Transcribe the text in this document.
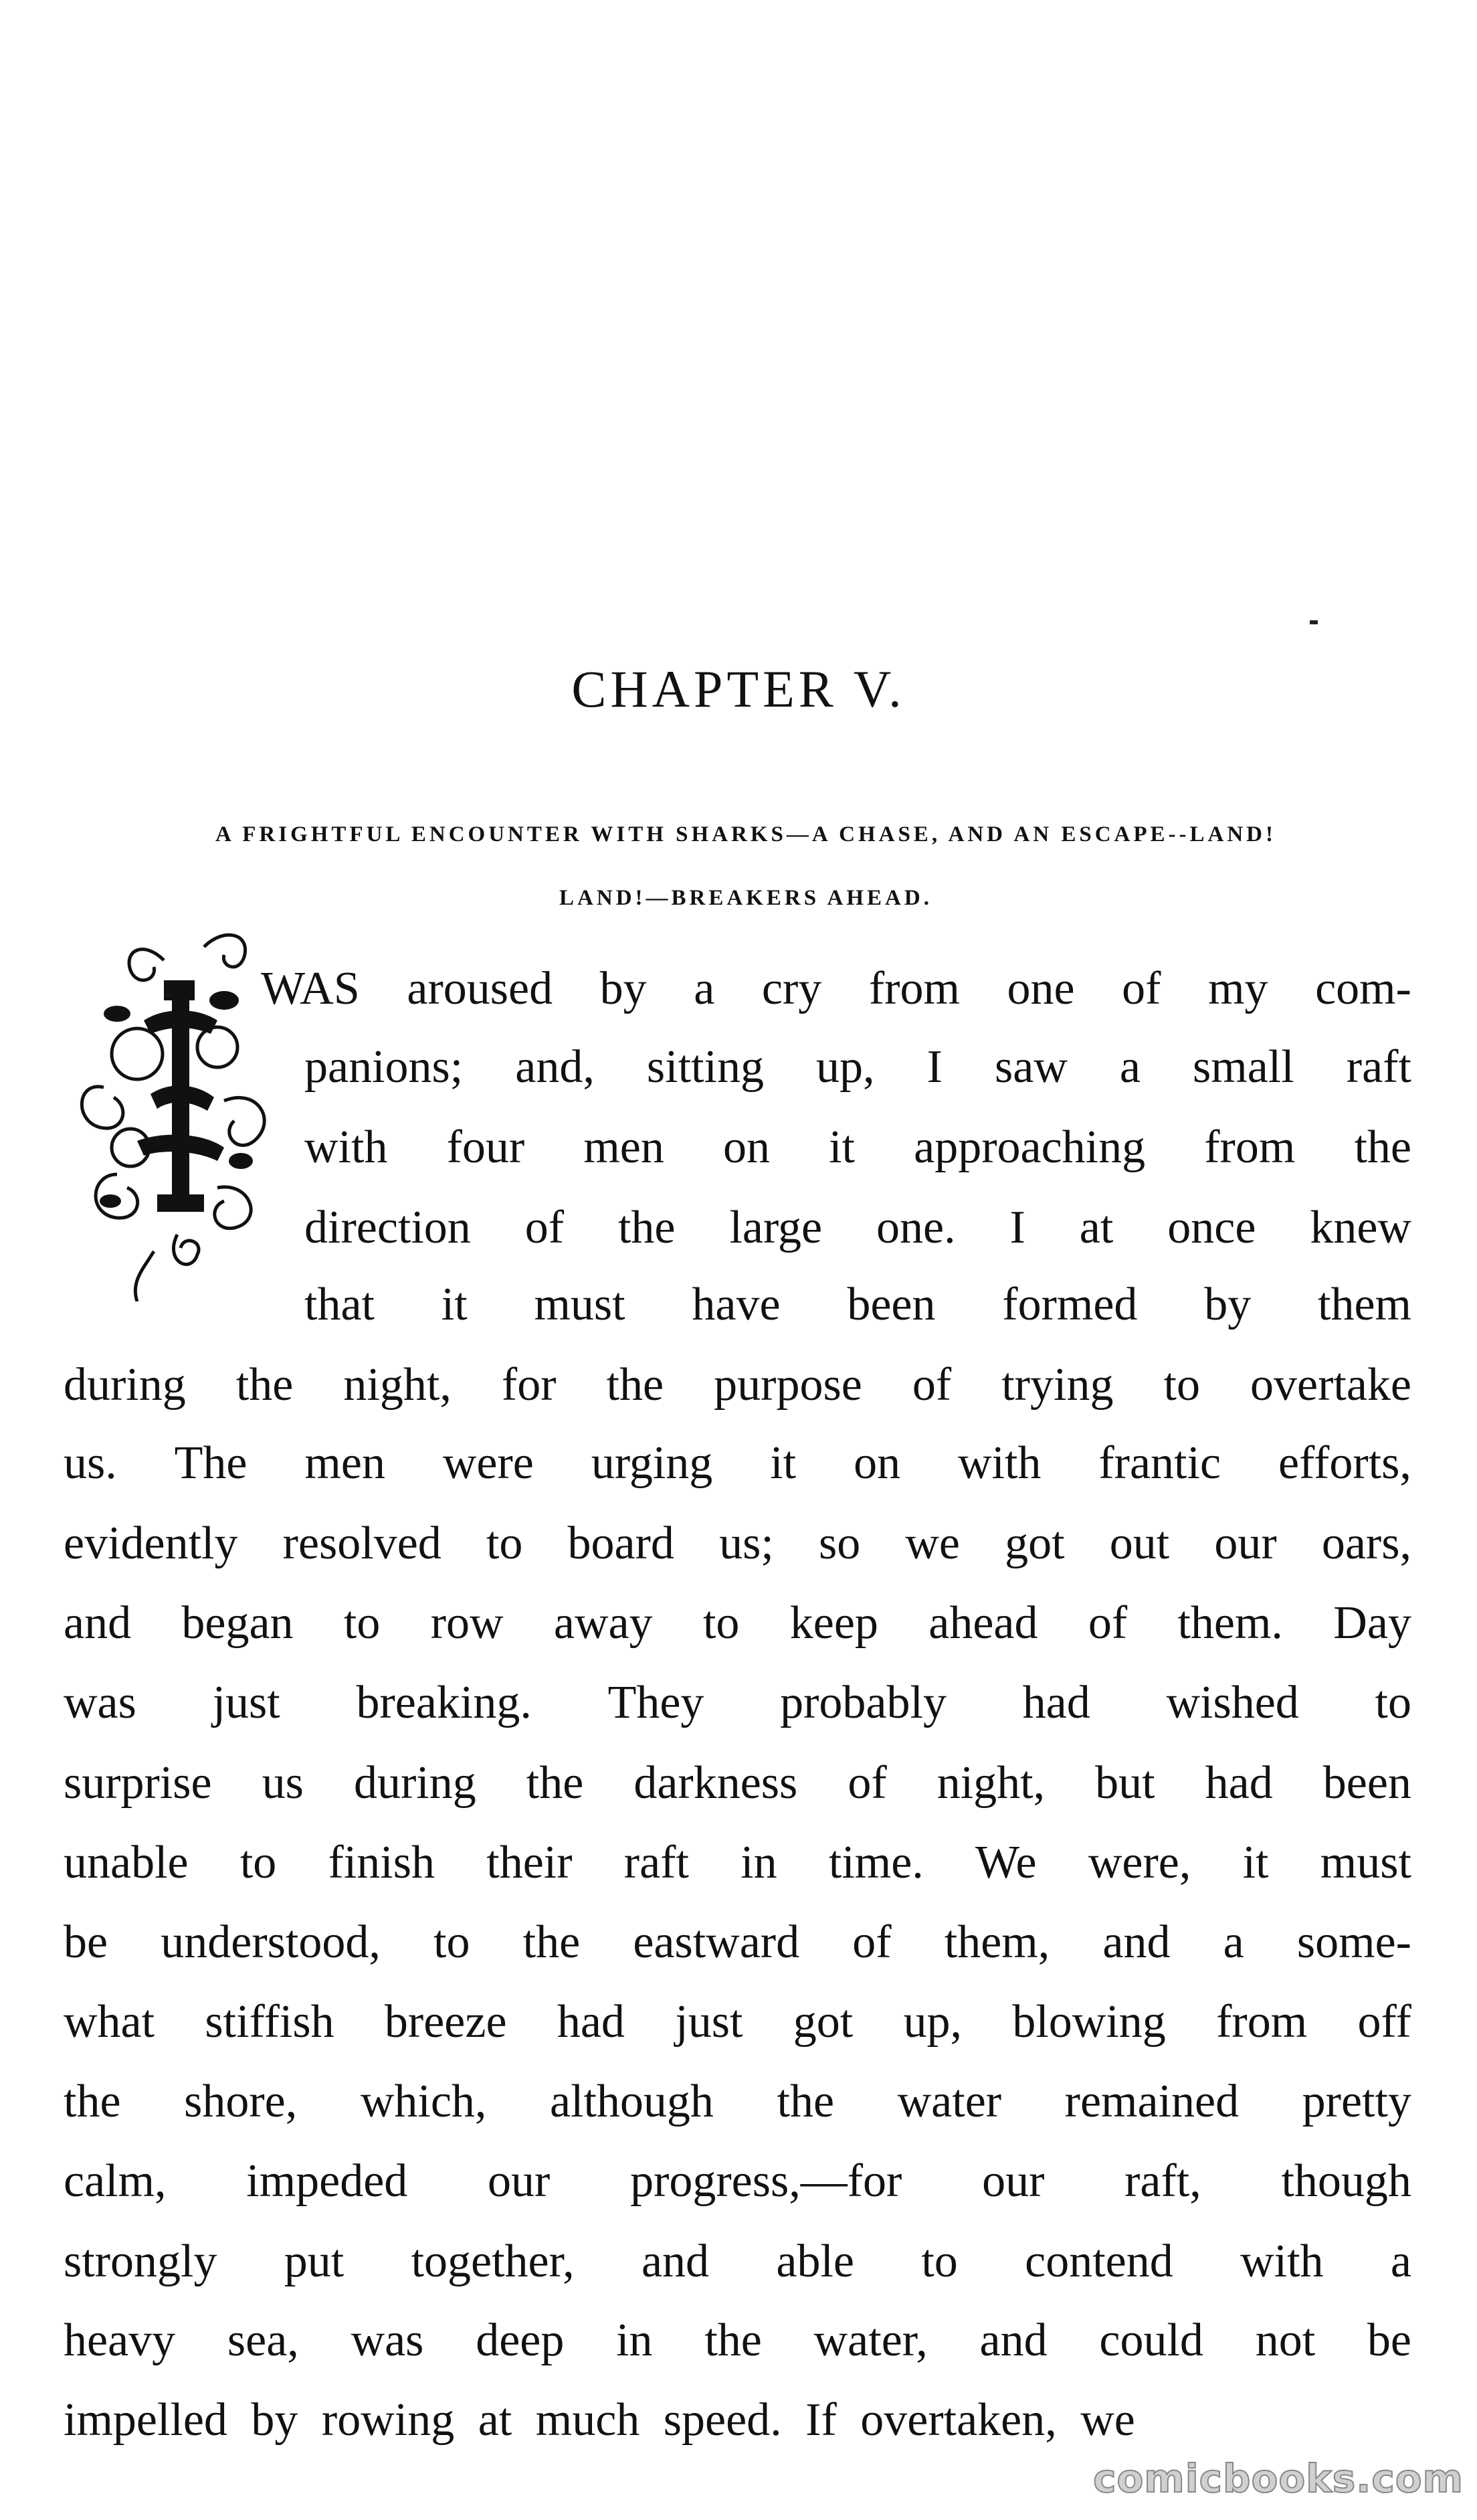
CHAPTER V.
A FRIGHTFUL ENCOUNTER WITH SHARKS—A CHASE, AND AN ESCAPE--LAND!
LAND!—BREAKERS AHEAD.
WAS aroused by a cry from one of my com-
panions; and, sitting up, I saw a small raft
with four men on it approaching from the
direction of the large one. I at once knew
that it must have been formed by them
during the night, for the purpose of trying to overtake
us. The men were urging it on with frantic efforts,
evidently resolved to board us; so we got out our oars,
and began to row away to keep ahead of them. Day
was just breaking. They probably had wished to
surprise us during the darkness of night, but had been
unable to finish their raft in time. We were, it must
be understood, to the eastward of them, and a some-
what stiffish breeze had just got up, blowing from off
the shore, which, although the water remained pretty
calm, impeded our progress,—for our raft, though
strongly put together, and able to contend with a
heavy sea, was deep in the water, and could not be
impelled by rowing at much speed. If overtaken, we
comicbooks.com
